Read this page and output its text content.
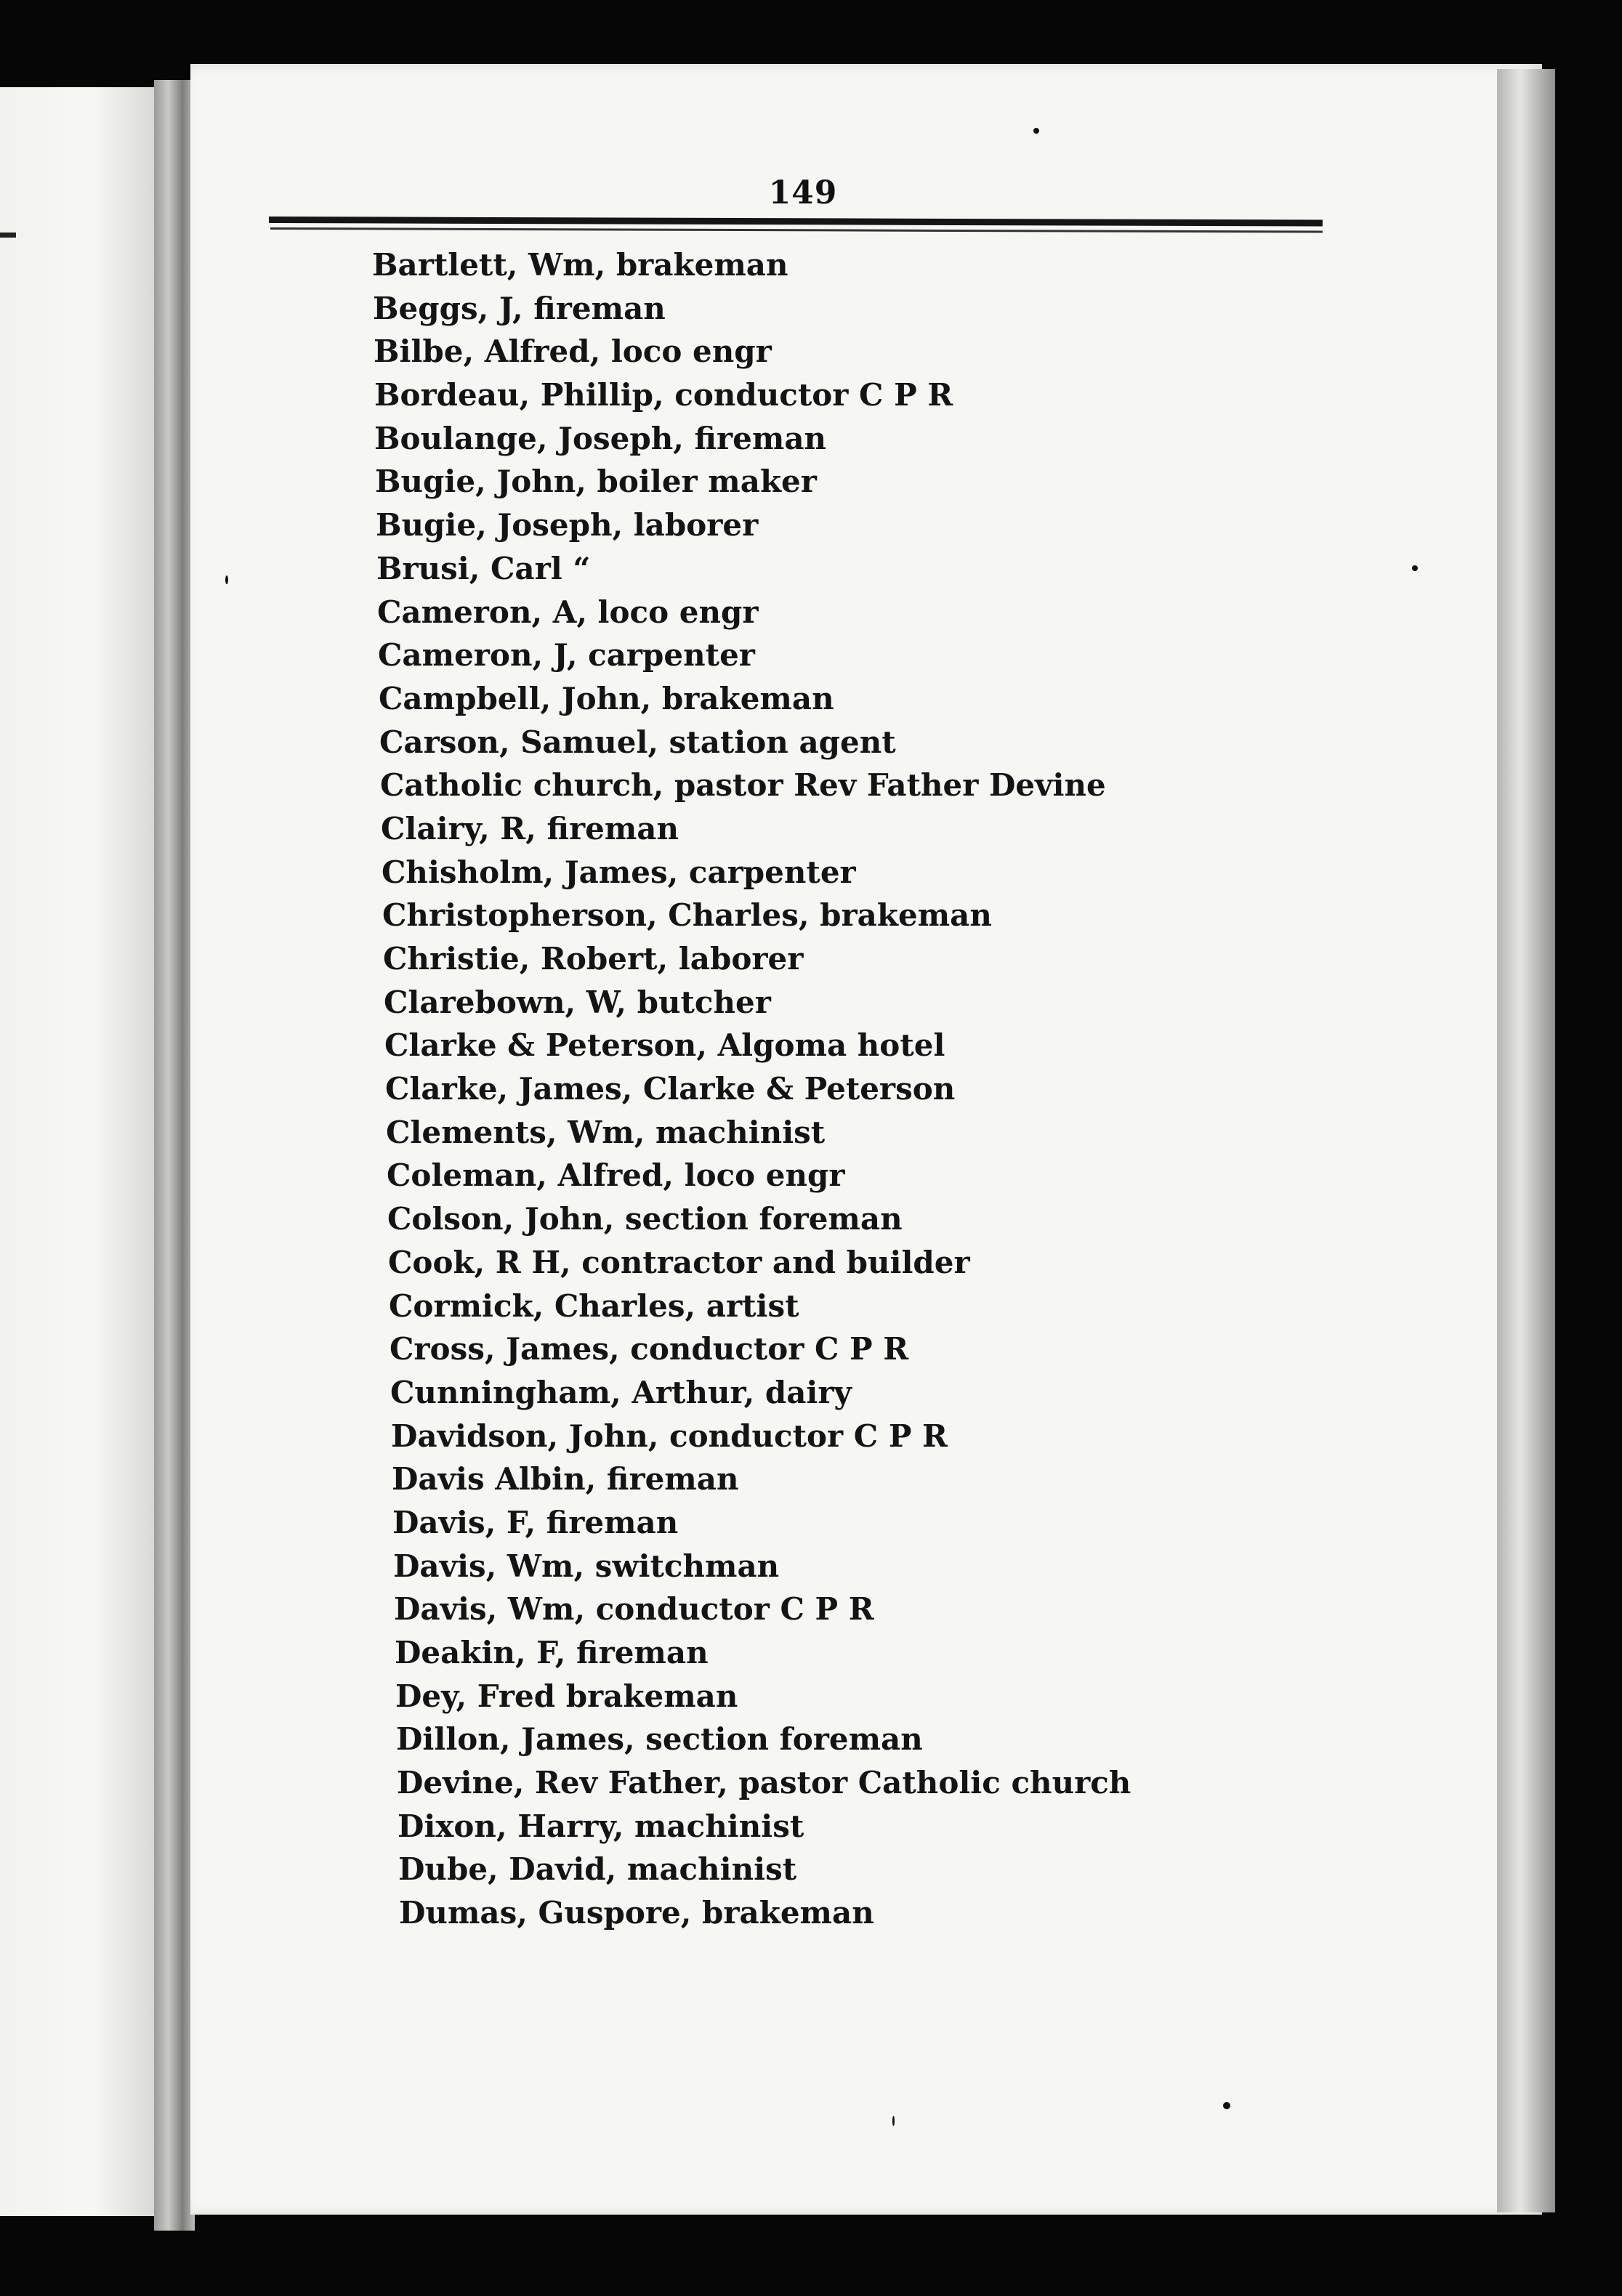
149
Bartlett, Wm, brakeman
Beggs, J, fireman
Bilbe, Alfred, loco engr
Bordeau, Phillip, conductor C P R
Boulange, Joseph, fireman
Bugie, John, boiler maker
Bugie, Joseph, laborer
Brusi, Carl “
Cameron, A, loco engr
Cameron, J, carpenter
Campbell, John, brakeman
Carson, Samuel, station agent
Catholic church, pastor Rev Father Devine
Clairy, R, fireman
Chisholm, James, carpenter
Christopherson, Charles, brakeman
Christie, Robert, laborer
Clarebown, W, butcher
Clarke & Peterson, Algoma hotel
Clarke, James, Clarke & Peterson
Clements, Wm, machinist
Coleman, Alfred, loco engr
Colson, John, section foreman
Cook, R H, contractor and builder
Cormick, Charles, artist
Cross, James, conductor C P R
Cunningham, Arthur, dairy
Davidson, John, conductor C P R
Davis Albin, fireman
Davis, F, fireman
Davis, Wm, switchman
Davis, Wm, conductor C P R
Deakin, F, fireman
Dey, Fred brakeman
Dillon, James, section foreman
Devine, Rev Father, pastor Catholic church
Dixon, Harry, machinist
Dube, David, machinist
Dumas, Guspore, brakeman
